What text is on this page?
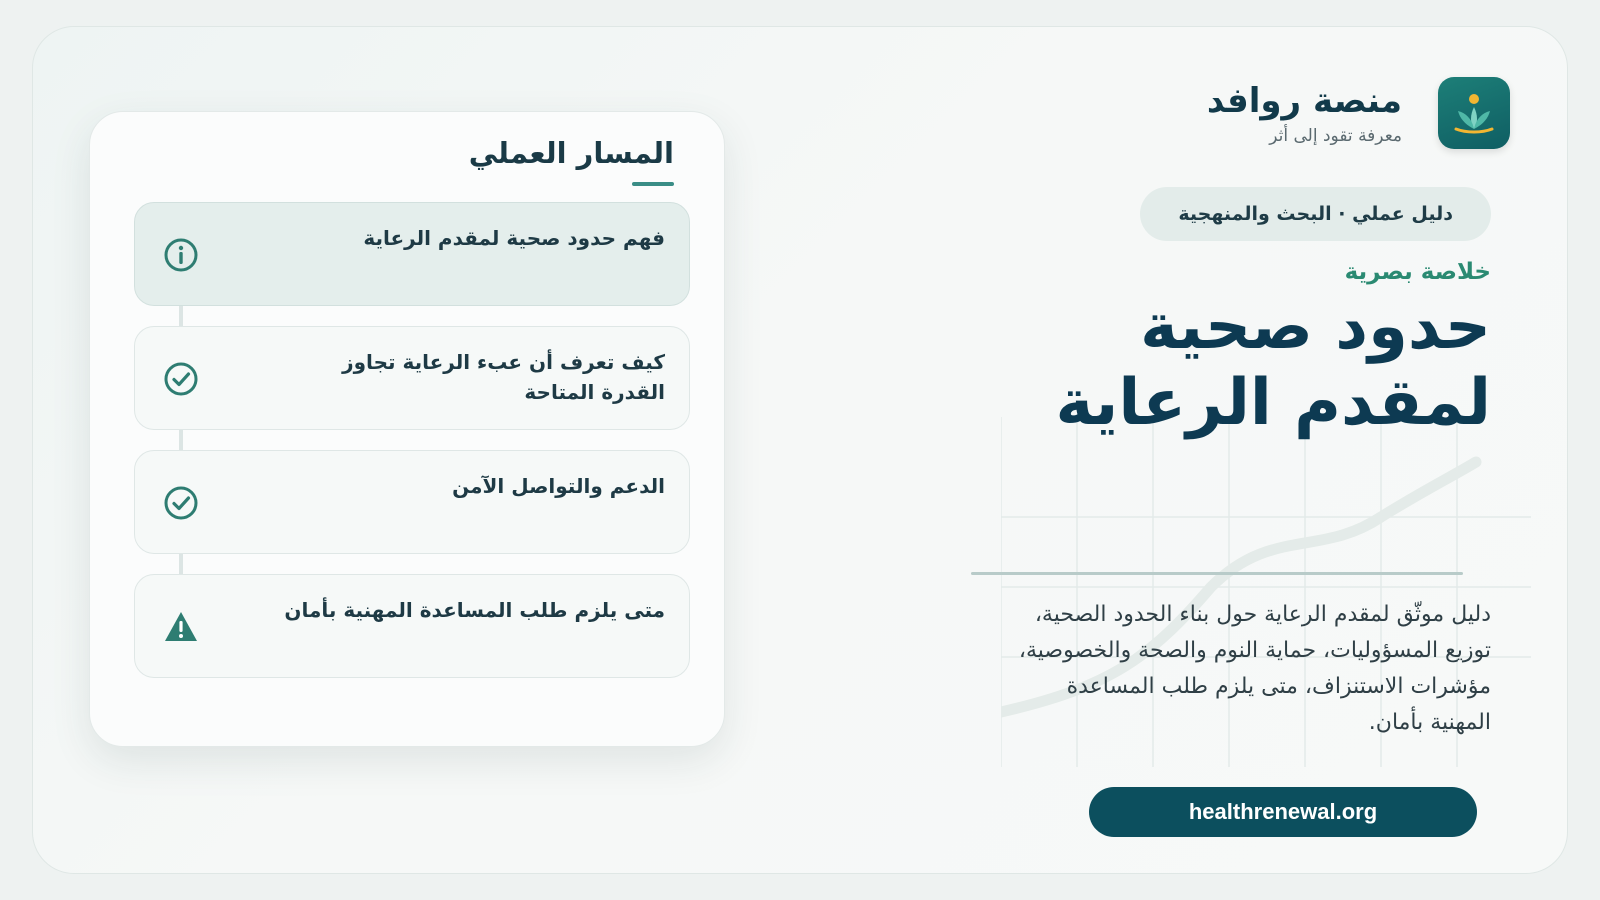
منصة روافد
معرفة تقود إلى أثر
دليل عملي · البحث والمنهجية
خلاصة بصرية
حدود صحية لمقدم الرعاية
دليل موثّق لمقدم الرعاية حول بناء الحدود الصحية، توزيع المسؤوليات، حماية النوم والصحة والخصوصية، مؤشرات الاستنزاف، متى يلزم طلب المساعدة المهنية بأمان.
healthrenewal.org
المسار العملي
فهم حدود صحية لمقدم الرعاية
كيف تعرف أن عبء الرعاية تجاوز القدرة المتاحة
الدعم والتواصل الآمن
متى يلزم طلب المساعدة المهنية بأمان
